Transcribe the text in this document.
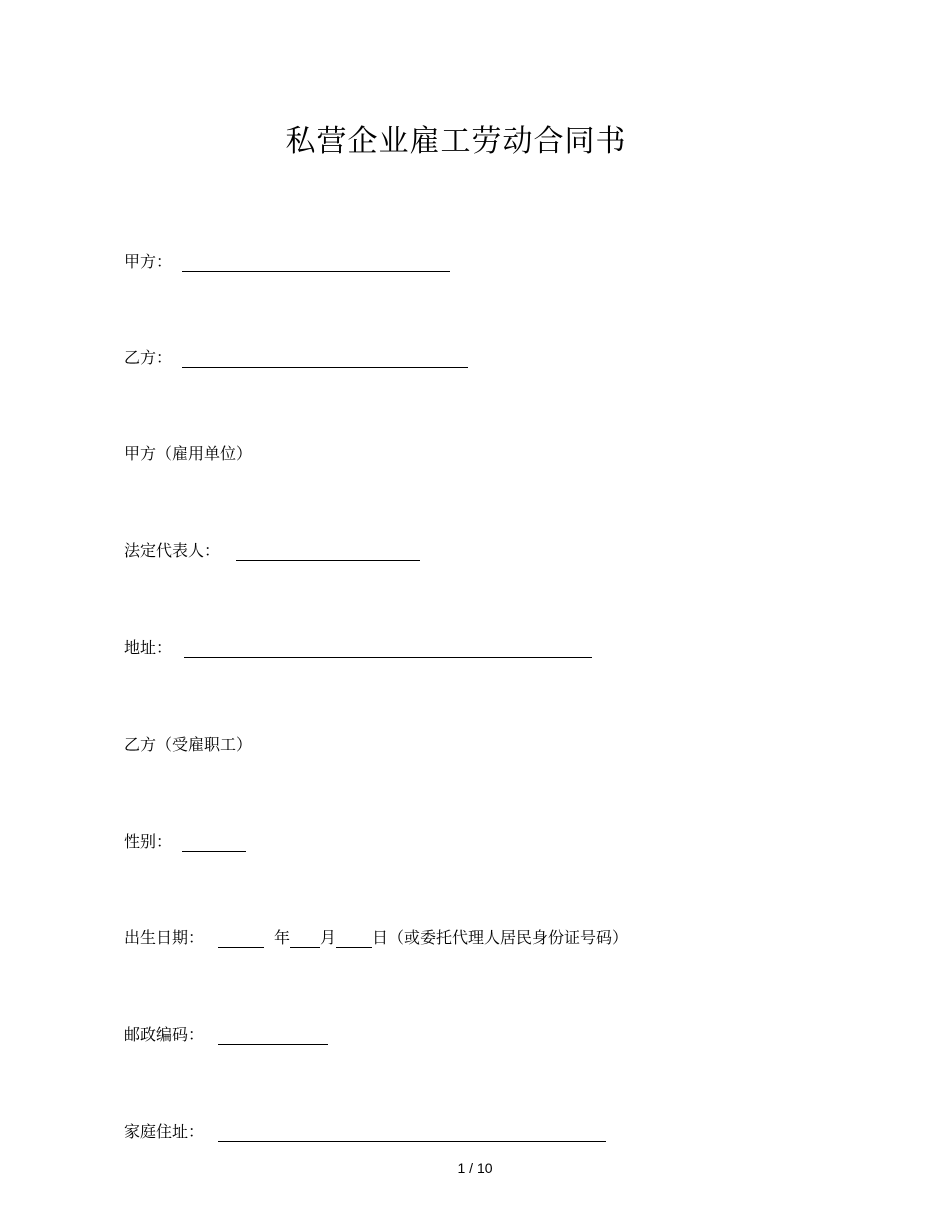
私营企业雇工劳动合同书
甲方：
乙方：
甲方（雇用单位）
法定代表人：
地址：
乙方（受雇职工）
性别：
出生日期：	年 月 日（或委托代理人居民身份证号码）
邮政编码：
家庭住址：
1 / 10
